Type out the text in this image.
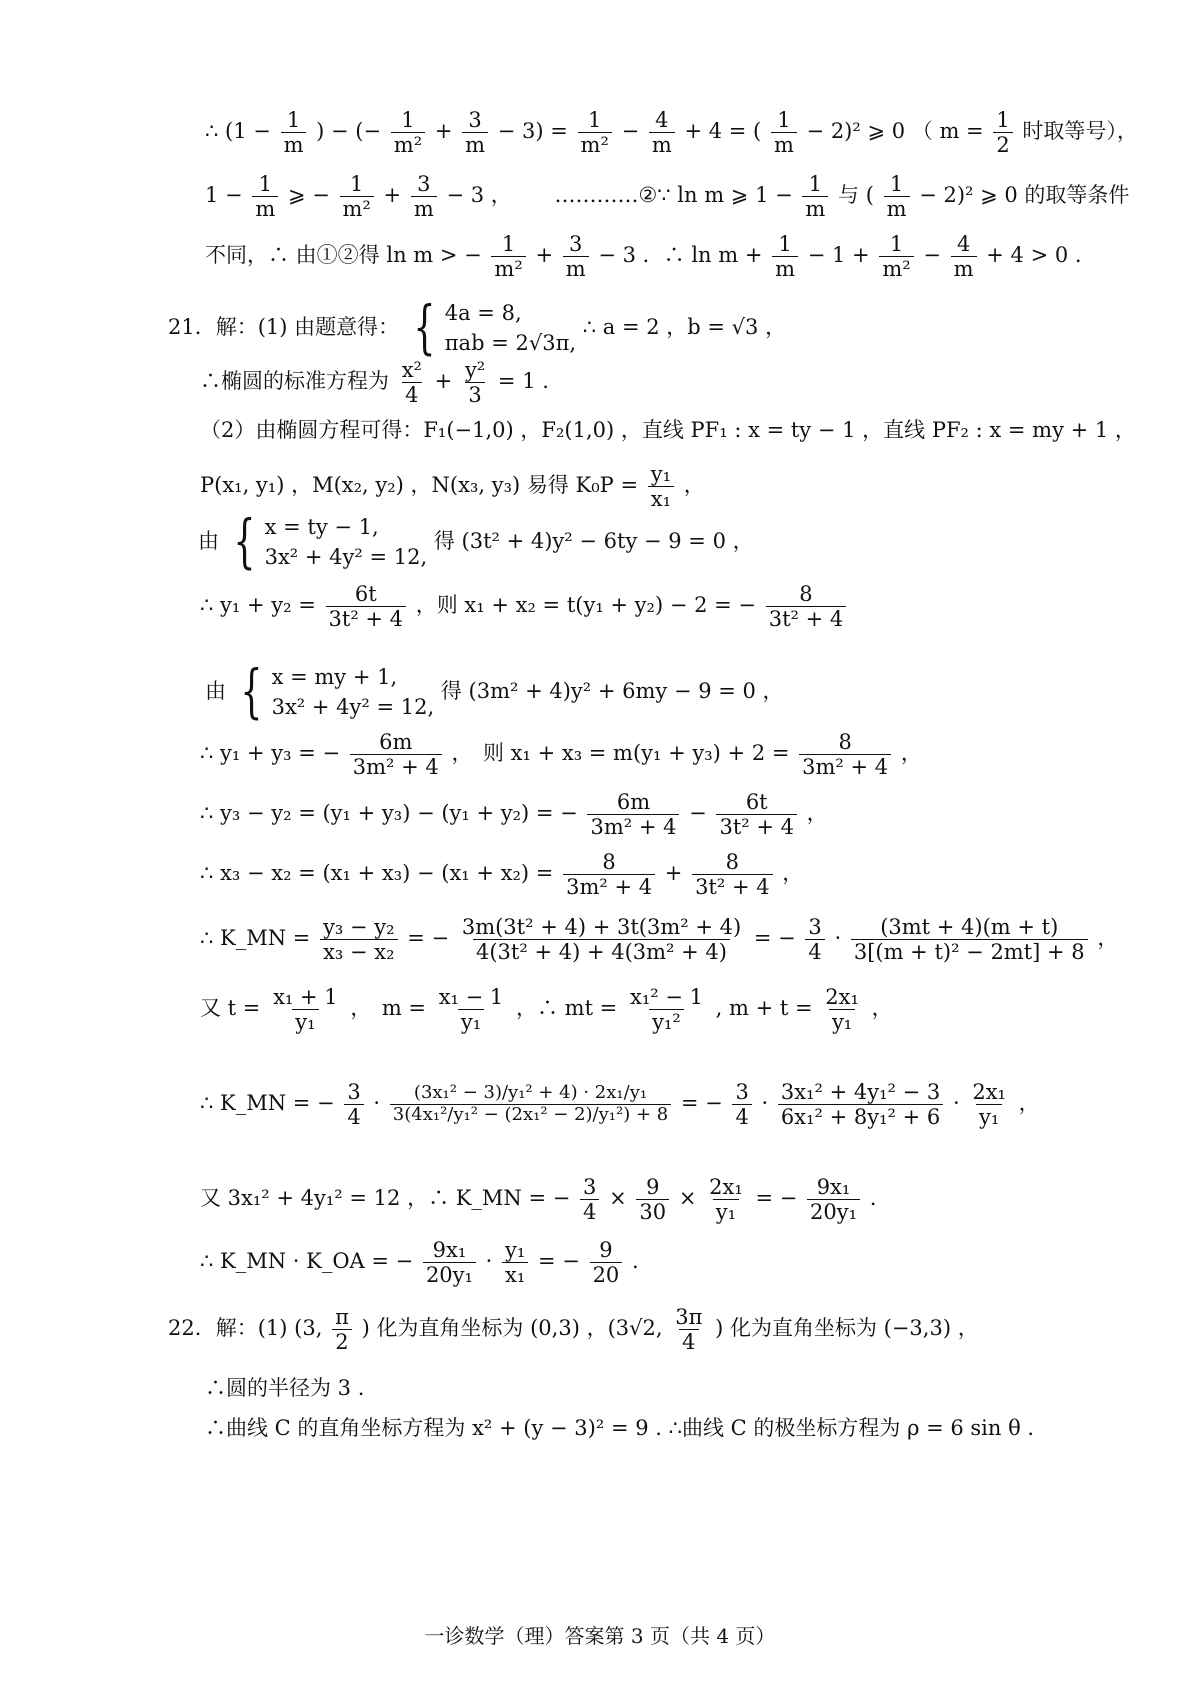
∴ ($1 - \frac{1}{m}$ ) − (− $\frac{1}{\text{m²}} + \frac{3}{m} - 3) = \frac{1}{\text{m²}} - \frac{4}{m} + 4$ = ( $\frac{1}{m} - 2)^2$ ⩾ 0 （ $m = \frac{1}{2}$ 时取等号），
$1 - \frac{1}{m}$ ⩾ − $\frac{1}{\text{m²}} + \frac{3}{m} - 3$ ， …………②∵ ln m ⩾ $1 - \frac{1}{m}$ 与 ( $\frac{1}{m} - 2)^2$ ⩾ 0 的取等条件
不同，∴ 由①②得 ln m > − $\frac{1}{\text{m²}} + \frac{3}{m} - 3$ ．∴ $\ln m + \frac{1}{m} - 1 + \frac{1}{\text{m²}} - \frac{4}{m} + 4 > 0$ .
21．解：(1) 由题意得： { 4a = 8,
πab = 2√3π,
∴ a = 2 ，b = √3 ，
∴椭圆的标准方程为 $\frac{\text{x²}}{4} + \frac{\text{y²}}{3} = 1$ .
（2）由椭圆方程可得：F₁(−1,0) ，F₂(1,0) ，直线 PF₁ : x = ty − 1 ，直线 PF₂ : x = my + 1 ，
P(x₁, y₁) ，M(x₂, y₂) ，N(x₃, y₃) 易得 $K_0P = \frac{\text{y₁}}{\text{x₁}}$ ，
由 { x = ty − 1,
3x² + 4y² = 12,
得 (3t² + 4)y² − 6ty − 9 = 0 ，
∴ $y_1 + y_2 = \frac{6t}{\text{3t² + 4}}$ ，则 x₁ + x₂ = t(y₁ + y₂) − 2 = − $\frac{8}{\text{3t² + 4}}$
由 { x = my + 1,
3x² + 4y² = 12,
得 (3m² + 4)y² + 6my − 9 = 0 ，
∴ y₁ + y₃ = − $\frac{6m}{\text{3m² + 4}}$ ，　则 $x_1 + x_3 = m(y_1 + y_3) + 2 = \frac{8}{\text{3m² + 4}}$ ，
∴ y₃ − y₂ = (y₁ + y₃) − (y₁ + y₂) = − $\frac{6m}{\text{3m² + 4}} - \frac{6t}{\text{3t² + 4}}$ ，
∴ $x_3 - x_2 = (x_1 + x_3) - (x_1 + x_2) = \frac{8}{\text{3m² + 4}} + \frac{8}{\text{3t² + 4}}$ ，
∴ K_MN = $\frac{\text{y₃ − y₂}}{\text{x₃ − x₂}}$ = − $\frac{\text{3m(3t² + 4) + 3t(3m² + 4)}}{\text{4(3t² + 4) + 4(3m² + 4)}}$ = − $\frac{3}{4} \cdot \frac{(3mt + 4)(m + t)}{\text{3[(m + t)² − 2mt] + 8}}$ ，
又 $t = \frac{\text{x₁ + 1}}{\text{y₁}}$ ，　$m = \frac{\text{x₁ − 1}}{\text{y₁}}$ ，∴ mt = $\frac{\text{x₁² − 1}}{\text{y₁²}}$ , $m + t = \frac{\text{2x₁}}{\text{y₁}}$ ，
∴ K_MN = − $\frac{3}{4} \cdot \frac{\text{(3x₁² − 3)/y₁² + 4) · 2x₁/y₁}}{\text{3(4x₁²/y₁² − (2x₁² − 2)/y₁²) + 8}}$ = − $\frac{3}{4} \cdot \frac{\text{3x₁² + 4y₁² − 3}}{\text{6x₁² + 8y₁² + 6}} \cdot \frac{\text{2x₁}}{\text{y₁}}$ ，
又 3x₁² + 4y₁² = 12 ，∴ K_MN = − $\frac{3}{4} \times \frac{9}{30} \times \frac{\text{2x₁}}{\text{y₁}}$ = − $\frac{\text{9x₁}}{\text{20y₁}}$ .
∴ K_MN · K_OA = − $\frac{\text{9x₁}}{\text{20y₁}} \cdot \frac{\text{y₁}}{\text{x₁}}$ = − $\frac{9}{20}$ .
22．解：(1) (3, $\frac{\pi}{2}$ ) 化为直角坐标为 (0,3) ，(3√2, $\frac{3\pi}{4}$ ) 化为直角坐标为 (−3,3) ，
∴圆的半径为 3 .
∴曲线 C 的直角坐标方程为 x² + (y − 3)² = 9 . ∴曲线 C 的极坐标方程为 ρ = 6 sin θ .
一诊数学（理）答案第 3 页（共 4 页）
